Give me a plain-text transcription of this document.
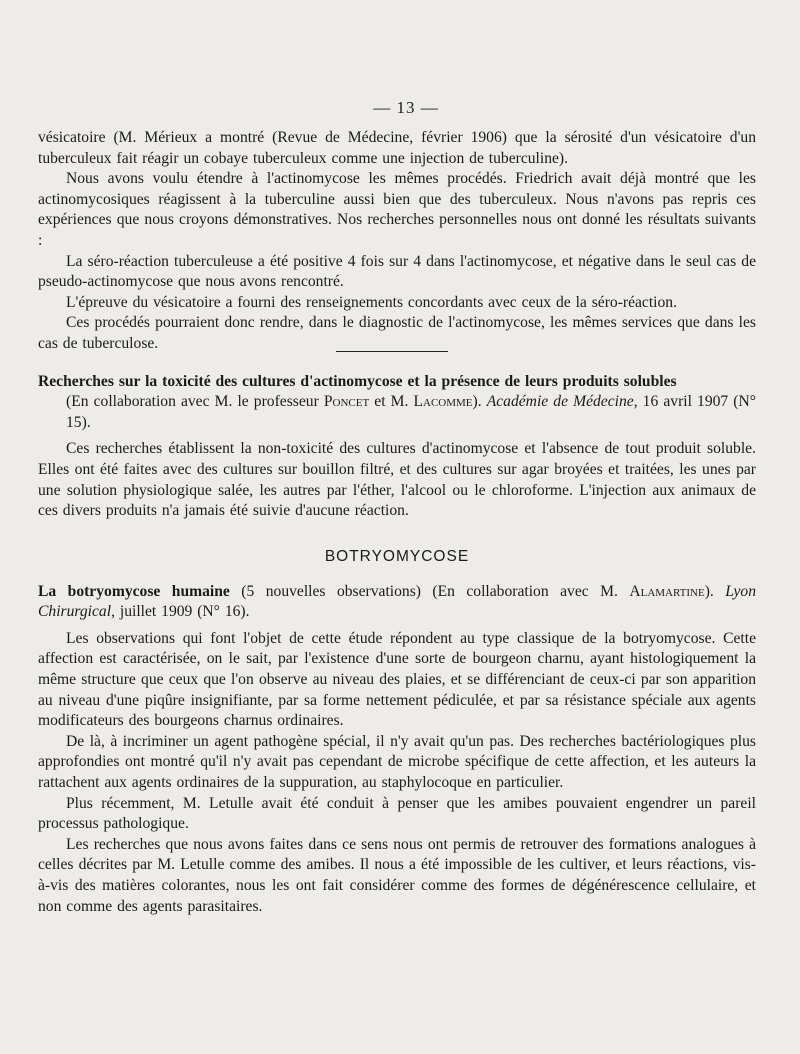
— 13 —

vésicatoire (M. Mérieux a montré (Revue de Médecine, février 1906) que la sérosité d'un vésicatoire d'un tuberculeux fait réagir un cobaye tuberculeux comme une injection de tuberculine).

Nous avons voulu étendre à l'actinomycose les mêmes procédés. Friedrich avait déjà montré que les actinomycosiques réagissent à la tuberculine aussi bien que des tuberculeux. Nous n'avons pas repris ces expériences que nous croyons démonstratives. Nos recherches personnelles nous ont donné les résultats suivants :

La séro-réaction tuberculeuse a été positive 4 fois sur 4 dans l'actinomycose, et négative dans le seul cas de pseudo-actinomycose que nous avons rencontré.

L'épreuve du vésicatoire a fourni des renseignements concordants avec ceux de la séro-réaction.

Ces procédés pourraient donc rendre, dans le diagnostic de l'actinomycose, les mêmes services que dans les cas de tuberculose.

Recherches sur la toxicité des cultures d'actinomycose et la présence de leurs produits solubles
(En collaboration avec M. le professeur Poncet et M. Lacomme). Académie de Médecine, 16 avril 1907 (N° 15).

Ces recherches établissent la non-toxicité des cultures d'actinomycose et l'absence de tout produit soluble. Elles ont été faites avec des cultures sur bouillon filtré, et des cultures sur agar broyées et traitées, les unes par une solution physiologique salée, les autres par l'éther, l'alcool ou le chloroforme. L'injection aux animaux de ces divers produits n'a jamais été suivie d'aucune réaction.

BOTRYOMYCOSE

La botryomycose humaine (5 nouvelles observations) (En collaboration avec M. Alamartine). Lyon Chirurgical, juillet 1909 (N° 16).

Les observations qui font l'objet de cette étude répondent au type classique de la botryomycose. Cette affection est caractérisée, on le sait, par l'existence d'une sorte de bourgeon charnu, ayant histologiquement la même structure que ceux que l'on observe au niveau des plaies, et se différenciant de ceux-ci par son apparition au niveau d'une piqûre insignifiante, par sa forme nettement pédiculée, et par sa résistance spéciale aux agents modificateurs des bourgeons charnus ordinaires.

De là, à incriminer un agent pathogène spécial, il n'y avait qu'un pas. Des recherches bactériologiques plus approfondies ont montré qu'il n'y avait pas cependant de microbe spécifique de cette affection, et les auteurs la rattachent aux agents ordinaires de la suppuration, au staphylocoque en particulier.

Plus récemment, M. Letulle avait été conduit à penser que les amibes pouvaient engendrer un pareil processus pathologique.

Les recherches que nous avons faites dans ce sens nous ont permis de retrouver des formations analogues à celles décrites par M. Letulle comme des amibes. Il nous a été impossible de les cultiver, et leurs réactions, vis-à-vis des matières colorantes, nous les ont fait considérer comme des formes de dégénérescence cellulaire, et non comme des agents parasitaires.
